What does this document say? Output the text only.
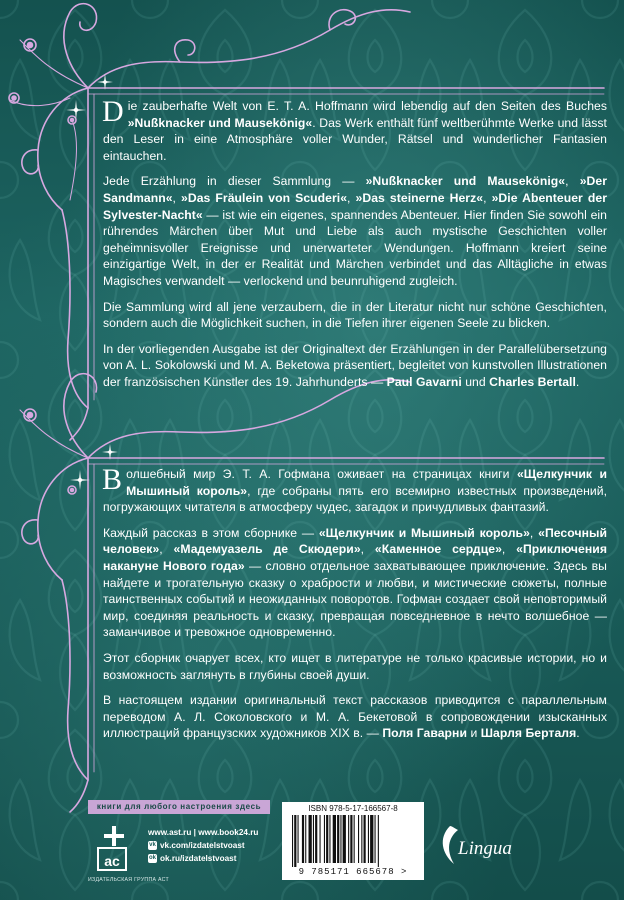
Die zauberhafte Welt von E. T. A. Hoffmann wird lebendig auf den Seiten des Buches »Nußknacker und Mausekönig«. Das Werk enthält fünf weltberühmte Werke und lässt den Leser in eine Atmosphäre voller Wunder, Rätsel und wunderlicher Fantasien eintauchen.

Jede Erzählung in dieser Sammlung — »Nußknacker und Mausekönig«, »Der Sandmann«, »Das Fräulein von Scuderi«, »Das steinerne Herz«, »Die Abenteuer der Sylvester-Nacht« — ist wie ein eigenes, spannendes Abenteuer. Hier finden Sie sowohl ein rührendes Märchen über Mut und Liebe als auch mystische Geschichten voller geheimnisvoller Ereignisse und unerwarteter Wendungen. Hoffmann kreiert seine einzigartige Welt, in der er Realität und Märchen verbindet und das Alltägliche in etwas Magisches verwandelt — verlockend und beunruhigend zugleich.

Die Sammlung wird all jene verzaubern, die in der Literatur nicht nur schöne Geschichten, sondern auch die Möglichkeit suchen, in die Tiefen ihrer eigenen Seele zu blicken.

In der vorliegenden Ausgabe ist der Originaltext der Erzählungen in der Parallelübersetzung von A. L. Sokolowski und M. A. Beketowa präsentiert, begleitet von kunstvollen Illustrationen der französischen Künstler des 19. Jahrhunderts — Paul Gavarni und Charles Bertall.

Волшебный мир Э. Т. А. Гофмана оживает на страницах книги «Щелкунчик и Мышиный король», где собраны пять его всемирно известных произведений, погружающих читателя в атмосферу чудес, загадок и причудливых фантазий.

Каждый рассказ в этом сборнике — «Щелкунчик и Мышиный король», «Песочный человек», «Мадемуазель де Скюдери», «Каменное сердце», «Приключения накануне Нового года» — словно отдельное захватывающее приключение. Здесь вы найдете и трогательную сказку о храбрости и любви, и мистические сюжеты, полные таинственных событий и неожиданных поворотов. Гофман создает свой неповторимый мир, соединяя реальность и сказку, превращая повседневное в нечто волшебное — заманчивое и тревожное одновременно.

Этот сборник очарует всех, кто ищет в литературе не только красивые истории, но и возможность заглянуть в глубины своей души.

В настоящем издании оригинальный текст рассказов приводится с параллельным переводом А. Л. Соколовского и М. А. Бекетовой в сопровождении изысканных иллюстраций французских художников XIX в. — Поля Гаварни и Шарля Берталя.

книги для любого настроения здесь
ac
ИЗДАТЕЛЬСКАЯ ГРУППА АСТ
www.ast.ru | www.book24.ru
vk vk.com/izdatelstvoast
ok ok.ru/izdatelstvoast
ISBN 978-5-17-166567-8
9 785171 665678 >
Lingua
